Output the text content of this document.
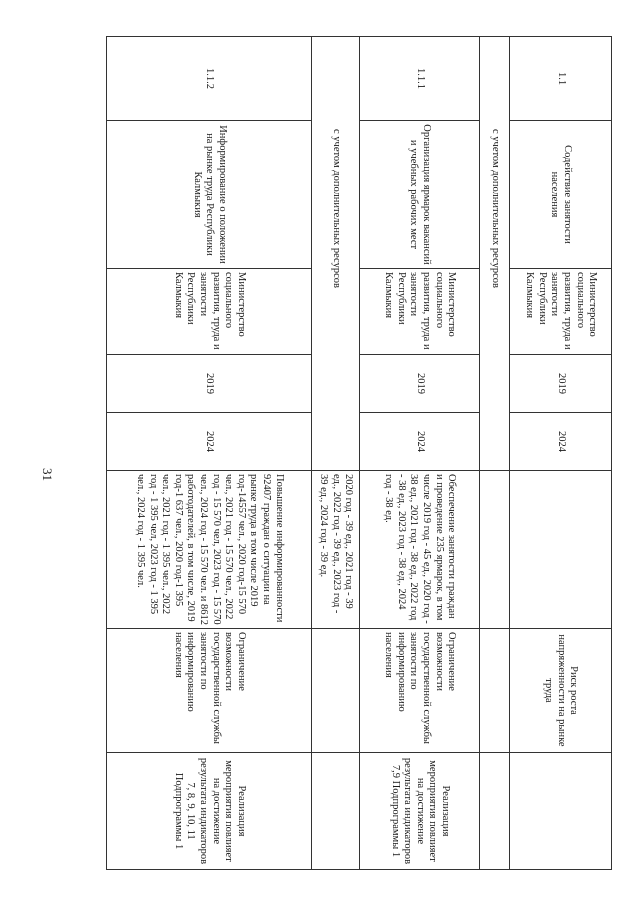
31
1.1	Содействие занятости населения	Министерство социального развития, труда и занятости Республики Калмыкия	2019	2024		Риск роста напряженности на рынке труда	
с учетом дополнительных ресурсов							
1.1.1	Организация ярмарок вакансий и учебных рабочих мест	Министерство социального развития, труда и занятости Республики Калмыкия	2019	2024	Обеспечение занятости граждан и проведение 235 ярмарок, в том числе 2019 год - 45 ед., 2020 год - 38 ед., 2021 год - 38 ед., 2022 год - 38 ед., 2023 год - 38 ед., 2024 год - 38 ед.	Ограничение возможности государственной службы занятости по информированию населения	Реализация мероприятия повлияет на достижение результата индикаторов 7,9 Подпрограммы 1
с учетом дополнительных ресурсов					2020 год - 39 ед., 2021 год - 39 ед., 2022 год - 39 ед., 2023 год - 39 ед., 2024 год - 39 ед.		
1.1.2	Информирование о положении на рынке труда Республики Калмыкия	Министерство социального развития, труда и занятости Республики Калмыкия	2019	2024	Повышение информированности 92407 граждан о ситуации на рынке труда в том числе 2019 год-14557 чел., 2020 год-15 570 чел., 2021 год - 15 570 чел., 2022 год - 15 570 чел, 2023 год - 15 570 чел., 2024 год - 15 570 чел. и 8612 работодателей, в том числе, 2019 год-1 637 чел., 2020 год-1 395 чел., 2021 год - 1 395 чел., 2022 год - 1 395 чел, 2023 год - 1 395 чел., 2024 год - 1 395 чел.	Ограничение возможности государственной службы занятости по информированию населения	Реализация мероприятия повлияет на достижение результата индикаторов 7, 8, 9, 10, 11 Подпрограммы 1
